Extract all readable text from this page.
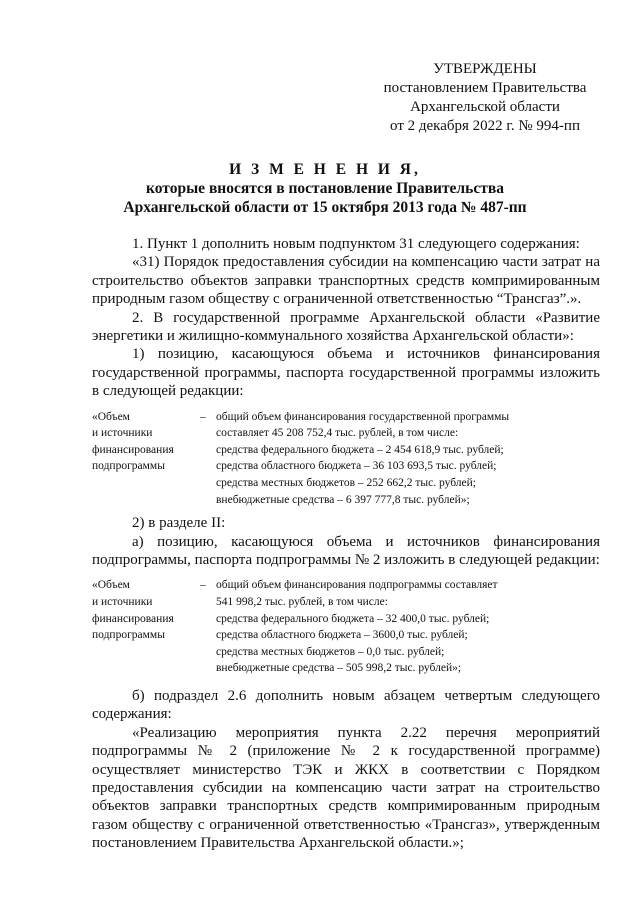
УТВЕРЖДЕНЫ
постановлением Правительства
Архангельской области
от 2 декабря 2022 г. № 994-пп
И З М Е Н Е Н И Я,
которые вносятся в постановление Правительства
Архангельской области от 15 октября 2013 года № 487-пп

1. Пункт 1 дополнить новым подпунктом 31 следующего содержания:

«31) Порядок предоставления субсидии на компенсацию части затрат на строительство объектов заправки транспортных средств компримированным природным газом обществу с ограниченной ответственностью “Трансгаз”.».

2. В государственной программе Архангельской области «Развитие энергетики и жилищно-коммунального хозяйства Архангельской области»:

1) позицию, касающуюся объема и источников финансирования государственной программы, паспорта государственной программы изложить в следующей редакции:

«Объем
и источники
финансирования
подпрограммы
– общий объем финансирования государственной программы
составляет 45 208 752,4 тыс. рублей, в том числе:
средства федерального бюджета – 2 454 618,9 тыс. рублей;
средства областного бюджета – 36 103 693,5 тыс. рублей;
средства местных бюджетов – 252 662,2 тыс. рублей;
внебюджетные средства – 6 397 777,8 тыс. рублей»;

2) в разделе II:

а) позицию, касающуюся объема и источников финансирования подпрограммы, паспорта подпрограммы № 2 изложить в следующей редакции:

«Объем
и источники
финансирования
подпрограммы
– общий объем финансирования подпрограммы составляет
541 998,2 тыс. рублей, в том числе:
средства федерального бюджета – 32 400,0 тыс. рублей;
средства областного бюджета – 3600,0 тыс. рублей;
средства местных бюджетов – 0,0 тыс. рублей;
внебюджетные средства – 505 998,2 тыс. рублей»;

б) подраздел 2.6 дополнить новым абзацем четвертым следующего содержания:

«Реализацию мероприятия пункта 2.22 перечня мероприятий подпрограммы № 2 (приложение № 2 к государственной программе) осуществляет министерство ТЭК и ЖКХ в соответствии с Порядком предоставления субсидии на компенсацию части затрат на строительство объектов заправки транспортных средств компримированным природным газом обществу с ограниченной ответственностью «Трансгаз», утвержденным постановлением Правительства Архангельской области.»;
